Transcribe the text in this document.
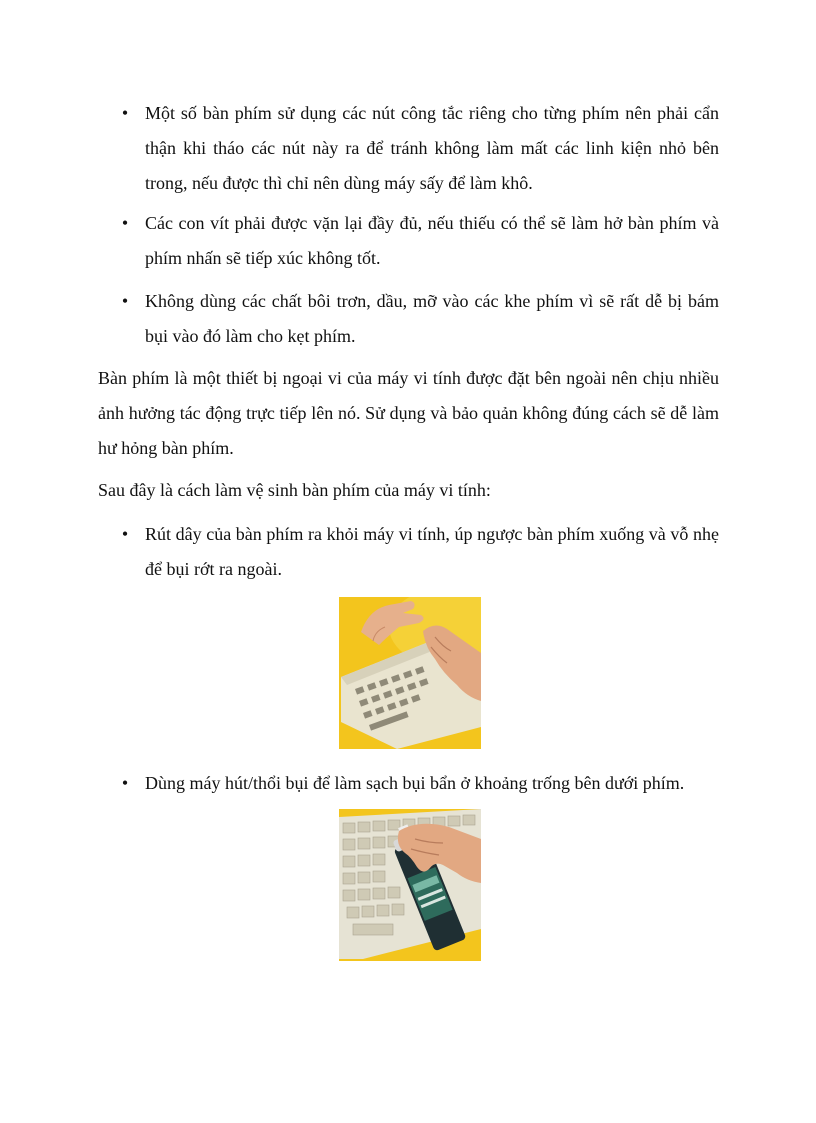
• Một số bàn phím sử dụng các nút công tắc riêng cho từng phím nên phải cẩn thận khi tháo các nút này ra để tránh không làm mất các linh kiện nhỏ bên trong, nếu được thì chỉ nên dùng máy sấy để làm khô.
• Các con vít phải được vặn lại đầy đủ, nếu thiếu có thể sẽ làm hở bàn phím và phím nhấn sẽ tiếp xúc không tốt.
• Không dùng các chất bôi trơn, dầu, mỡ vào các khe phím vì sẽ rất dễ bị bám bụi vào đó làm cho kẹt phím.

Bàn phím là một thiết bị ngoại vi của máy vi tính được đặt bên ngoài nên chịu nhiều ảnh hưởng tác động trực tiếp lên nó. Sử dụng và bảo quản không đúng cách sẽ dễ làm hư hỏng bàn phím.

Sau đây là cách làm vệ sinh bàn phím của máy vi tính:

• Rút dây của bàn phím ra khỏi máy vi tính, úp ngược bàn phím xuống và vỗ nhẹ để bụi rớt ra ngoài.
• Dùng máy hút/thổi bụi để làm sạch bụi bẩn ở khoảng trống bên dưới phím.
